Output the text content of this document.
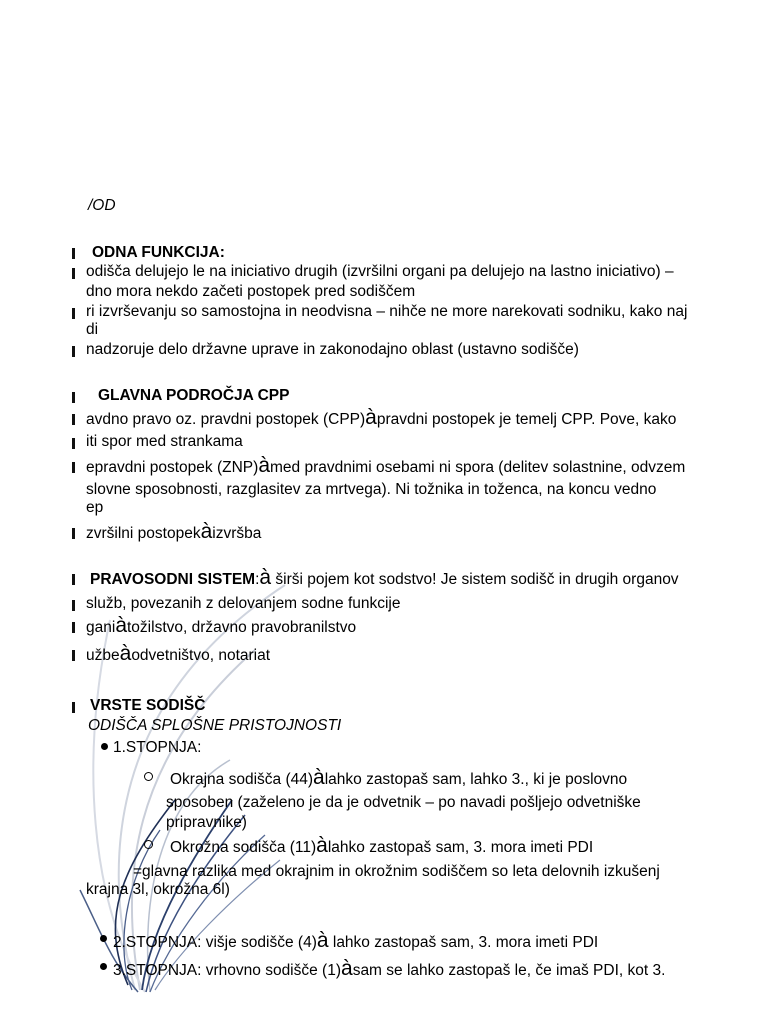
/OD
ODNA FUNKCIJA:
odišča delujejo le na iniciativo drugih (izvršilni organi pa delujejo na lastno iniciativo) –
dno mora nekdo začeti postopek pred sodiščem
ri izvrševanju so samostojna in neodvisna – nihče ne more narekovati sodniku, kako naj
di
nadzoruje delo državne uprave in zakonodajno oblast (ustavno sodišče)
GLAVNA PODROČJA CPP
avdno pravo oz. pravdni postopek (CPP)àpravdni postopek je temelj CPP. Pove, kako
iti spor med strankama
epravdni postopek (ZNP)àmed pravdnimi osebami ni spora (delitev solastnine, odvzem
slovne sposobnosti, razglasitev za mrtvega). Ni tožnika in toženca, na koncu vedno
ep
zvršilni postopekàizvršba
PRAVOSODNI SISTEM:à širši pojem kot sodstvo! Je sistem sodišč in drugih organov
služb, povezanih z delovanjem sodne funkcije
ganiàtožilstvo, državno pravobranilstvo
užbeàodvetništvo, notariat
VRSTE SODIŠČ
ODIŠČA SPLOŠNE PRISTOJNOSTI
1.STOPNJA:
Okrajna sodišča (44)àlahko zastopaš sam, lahko 3., ki je poslovno
sposoben (zaželeno je da je odvetnik – po navadi pošljejo odvetniške
pripravnike)
Okrožna sodišča (11)àlahko zastopaš sam, 3. mora imeti PDI
=glavna razlika med okrajnim in okrožnim sodiščem so leta delovnih izkušenj
krajna 3l, okrožna 6l)
2.STOPNJA: višje sodišče (4)à lahko zastopaš sam, 3. mora imeti PDI
3.STOPNJA: vrhovno sodišče (1)àsam se lahko zastopaš le, če imaš PDI, kot 3.
